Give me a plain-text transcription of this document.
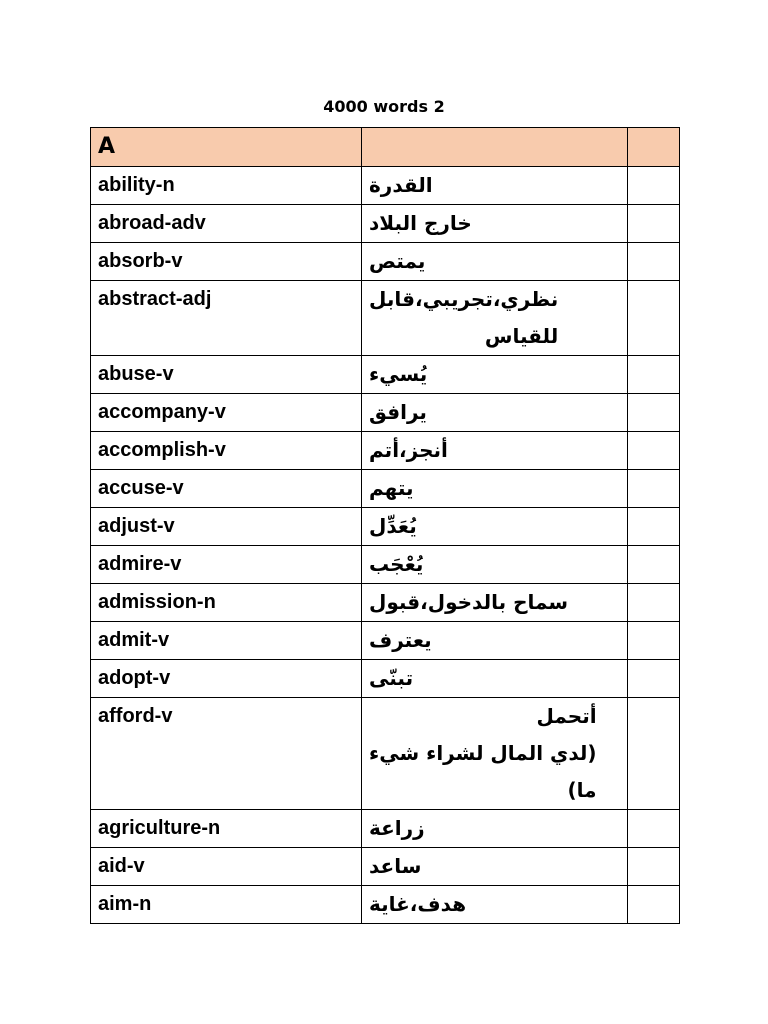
4000 words 2
A		
ability-n	القدرة	
abroad-adv	خارج البلاد	
absorb-v	يمتص	
abstract-adj	نظري،تجريبي،قابل
للقياس	
abuse-v	يُسيء	
accompany-v	يرافق	
accomplish-v	أنجز،أتم	
accuse-v	يتهم	
adjust-v	يُعَدِّل	
admire-v	يُعْجَب	
admission-n	سماح بالدخول،قبول	
admit-v	يعترف	
adopt-v	تبنّى	
afford-v	أتحمل
(لدي المال لشراء شيء
ما)	
agriculture-n	زراعة	
aid-v	ساعد	
aim-n	هدف،غاية	
